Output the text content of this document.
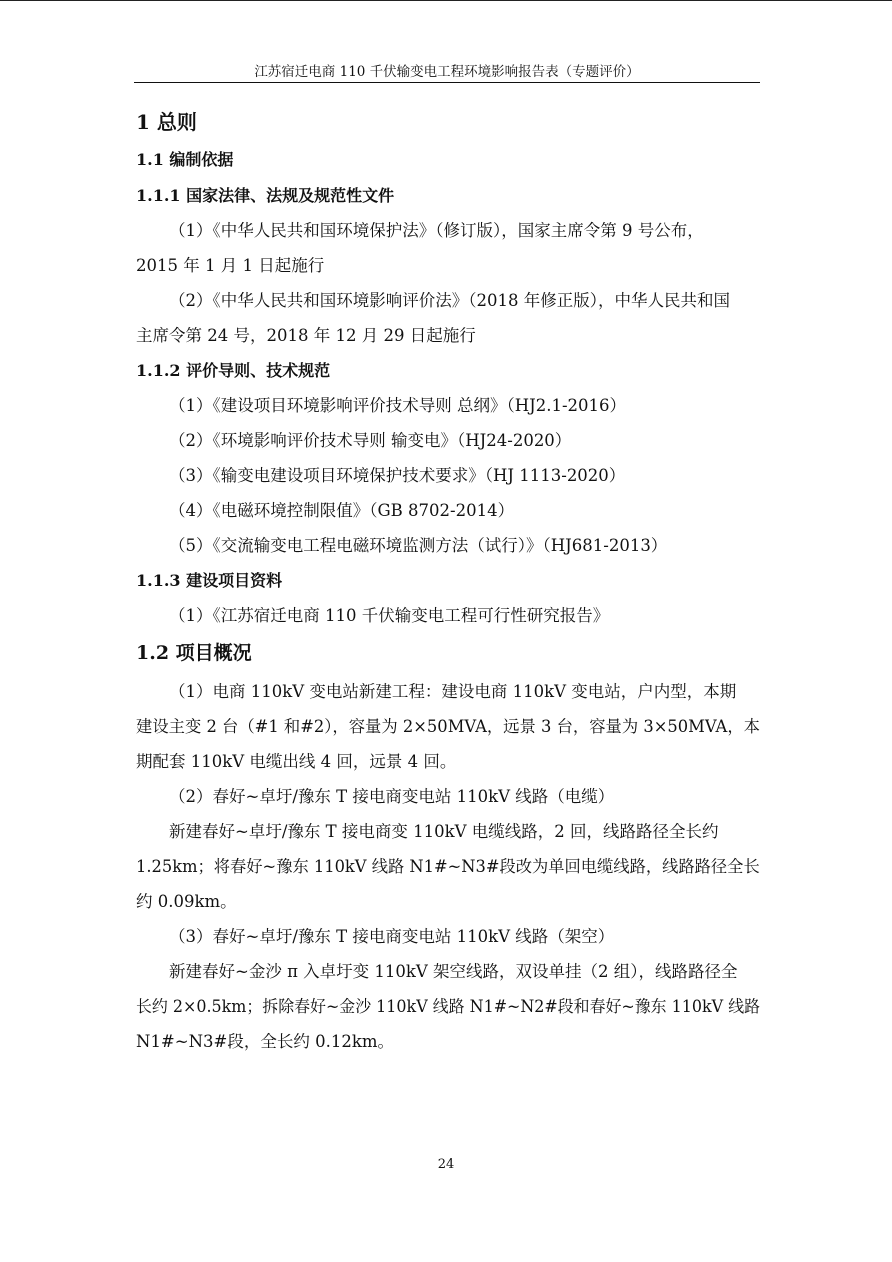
江苏宿迁电商 110 千伏输变电工程环境影响报告表（专题评价）
1 总则
1.1 编制依据
1.1.1 国家法律、法规及规范性文件
（1）《中华人民共和国环境保护法》（修订版），国家主席令第 9 号公布，
2015 年 1 月 1 日起施行
（2）《中华人民共和国环境影响评价法》（2018 年修正版），中华人民共和国
主席令第 24 号，2018 年 12 月 29 日起施行
1.1.2 评价导则、技术规范
（1）《建设项目环境影响评价技术导则 总纲》（HJ2.1-2016）
（2）《环境影响评价技术导则 输变电》（HJ24-2020）
（3）《输变电建设项目环境保护技术要求》（HJ 1113-2020）
（4）《电磁环境控制限值》（GB 8702-2014）
（5）《交流输变电工程电磁环境监测方法（试行）》（HJ681-2013）
1.1.3 建设项目资料
（1）《江苏宿迁电商 110 千伏输变电工程可行性研究报告》
1.2 项目概况
（1）电商 110kV 变电站新建工程：建设电商 110kV 变电站，户内型，本期
建设主变 2 台（#1 和#2），容量为 2×50MVA，远景 3 台，容量为 3×50MVA，本
期配套 110kV 电缆出线 4 回，远景 4 回。
（2）春好~卓圩/豫东 T 接电商变电站 110kV 线路（电缆）
新建春好~卓圩/豫东 T 接电商变 110kV 电缆线路，2 回，线路路径全长约
1.25km；将春好~豫东 110kV 线路 N1#~N3#段改为单回电缆线路，线路路径全长
约 0.09km。
（3）春好~卓圩/豫东 T 接电商变电站 110kV 线路（架空）
新建春好~金沙 π 入卓圩变 110kV 架空线路，双设单挂（2 组），线路路径全
长约 2×0.5km；拆除春好~金沙 110kV 线路 N1#~N2#段和春好~豫东 110kV 线路
N1#~N3#段，全长约 0.12km。
24
